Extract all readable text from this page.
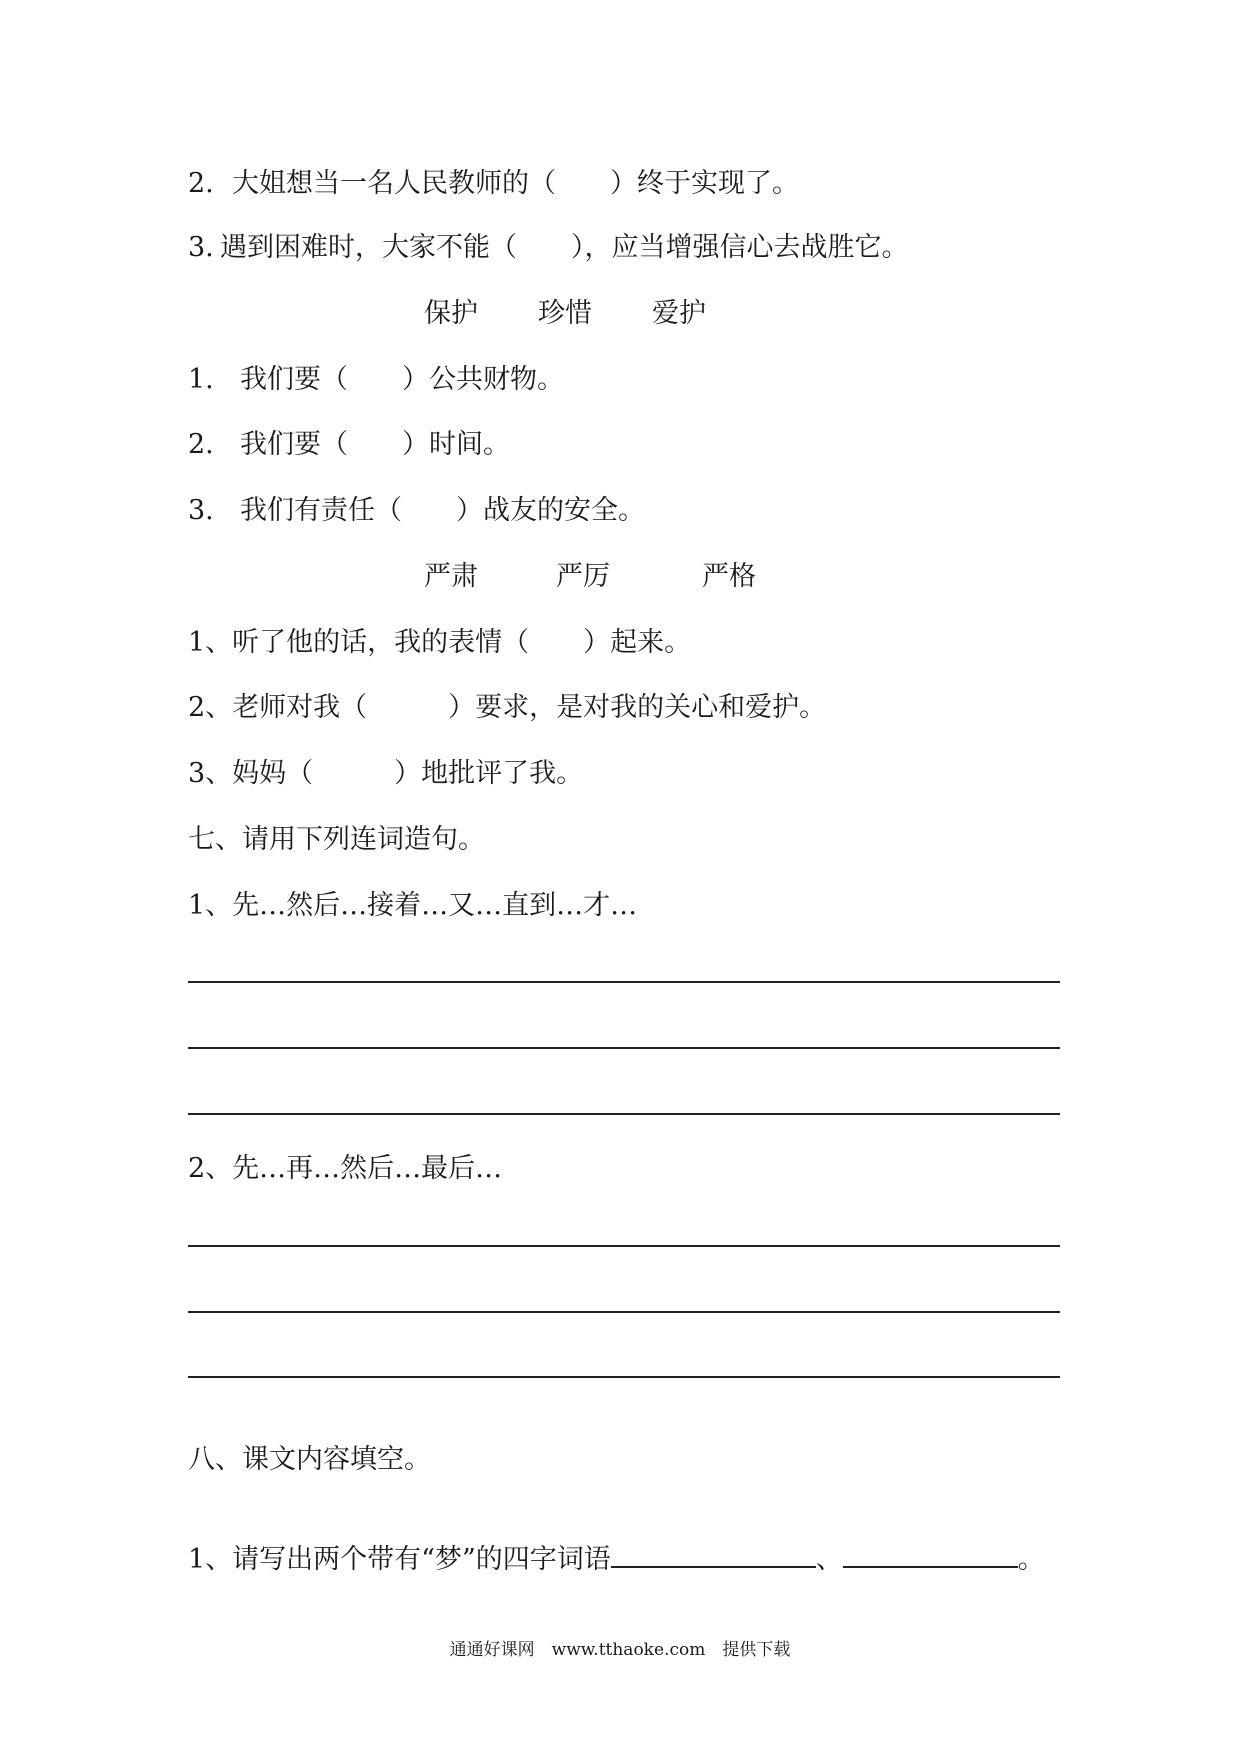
2. 大姐想当一名人民教师的（　　）终于实现了。
3. 遇到困难时，大家不能（　　），应当增强信心去战胜它。
保护 珍惜 爱护
1. 我们要（　　）公共财物。
2. 我们要（　　）时间。
3. 我们有责任（　　）战友的安全。
严肃	严厉	严格
1、听了他的话，我的表情（　　）起来。
2、老师对我（　　　）要求，是对我的关心和爱护。
3、妈妈（　　　）地批评了我。
七、请用下列连词造句。
1、先…然后…接着…又…直到…才…
2、先…再…然后…最后…
八、课文内容填空。
1、请写出两个带有“梦”的四字词语	、	。
通通好课网　www.tthaoke.com　提供下载
